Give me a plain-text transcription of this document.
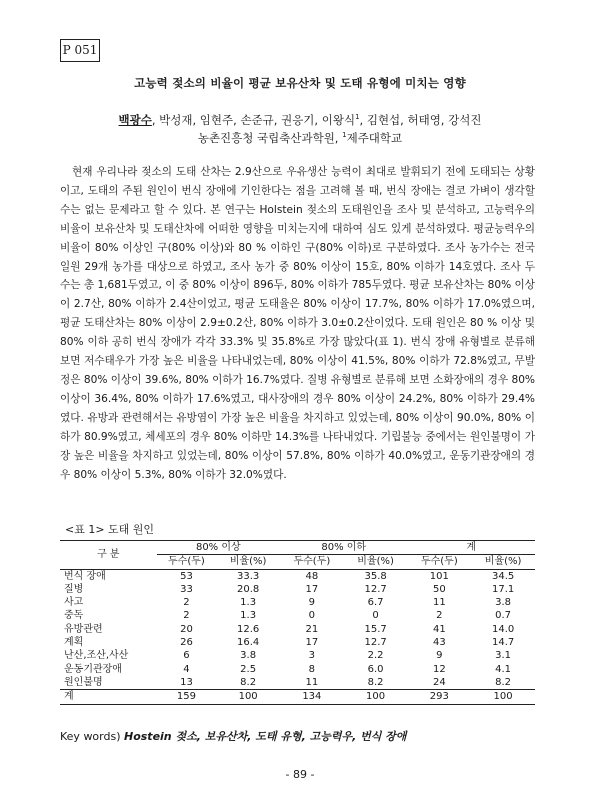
P 051
고능력 젖소의 비율이 평균 보유산차 및 도태 유형에 미치는 영향
백광수, 박성재, 임현주, 손준규, 권응기, 이왕식$^1$, 김현섭, 허태영, 강석진
농촌진흥청 국립축산과학원, $^1$제주대학교

현재 우리나라 젖소의 도태 산차는 2.9산으로 우유생산 능력이 최대로 발휘되기 전에 도태되는 상황이고, 도태의 주된 원인이 번식 장애에 기인한다는 점을 고려해 볼 때, 번식 장애는 결코 가벼이 생각할 수는 없는 문제라고 할 수 있다. 본 연구는 Holstein 젖소의 도태원인을 조사 및 분석하고, 고능력우의 비율이 보유산차 및 도태산차에 어떠한 영향을 미치는지에 대하여 심도 있게 분석하였다. 평균능력우의 비율이 80% 이상인 구(80% 이상)와 80 % 이하인 구(80% 이하)로 구분하였다. 조사 농가수는 전국일원 29개 농가를 대상으로 하였고, 조사 농가 중 80% 이상이 15호, 80% 이하가 14호였다. 조사 두수는 총 1,681두였고, 이 중 80% 이상이 896두, 80% 이하가 785두였다. 평균 보유산차는 80% 이상이 2.7산, 80% 이하가 2.4산이었고, 평균 도태율은 80% 이상이 17.7%, 80% 이하가 17.0%였으며, 평균 도태산차는 80% 이상이 2.9±0.2산, 80% 이하가 3.0±0.2산이었다. 도태 원인은 80 % 이상 및 80% 이하 공히 번식 장애가 각각 33.3% 및 35.8%로 가장 많았다(표 1). 번식 장애 유형별로 분류해 보면 저수태우가 가장 높은 비율을 나타내었는데, 80% 이상이 41.5%, 80% 이하가 72.8%였고, 무발정은 80% 이상이 39.6%, 80% 이하가 16.7%였다. 질병 유형별로 분류해 보면 소화장애의 경우 80% 이상이 36.4%, 80% 이하가 17.6%였고, 대사장애의 경우 80% 이상이 24.2%, 80% 이하가 29.4%였다. 유방과 관련해서는 유방염이 가장 높은 비율을 차지하고 있었는데, 80% 이상이 90.0%, 80% 이하가 80.9%였고, 체세포의 경우 80% 이하만 14.3%를 나타내었다. 기립불능 중에서는 원인불명이 가장 높은 비율을 차지하고 있었는데, 80% 이상이 57.8%, 80% 이하가 40.0%였고, 운동기관장애의 경우 80% 이상이 5.3%, 80% 이하가 32.0%였다.

<표 1> 도태 원인
구 분	80% 이상		80% 이하		계	
	두수(두)	비율(%)	두수(두)	비율(%)	두수(두)	비율(%)
번식 장애	53	33.3	48	35.8	101	34.5
질병	33	20.8	17	12.7	50	17.1
사고	2	1.3	9	6.7	11	3.8
중독	2	1.3	0	0	2	0.7
유방관련	20	12.6	21	15.7	41	14.0
계획	26	16.4	17	12.7	43	14.7
난산,조산,사산	6	3.8	3	2.2	9	3.1
운동기관장애	4	2.5	8	6.0	12	4.1
원인불명	13	8.2	11	8.2	24	8.2
계	159	100	134	100	293	100
Key words) Hostein 젖소, 보유산차, 도태 유형, 고능력우, 번식 장애
- 89 -
